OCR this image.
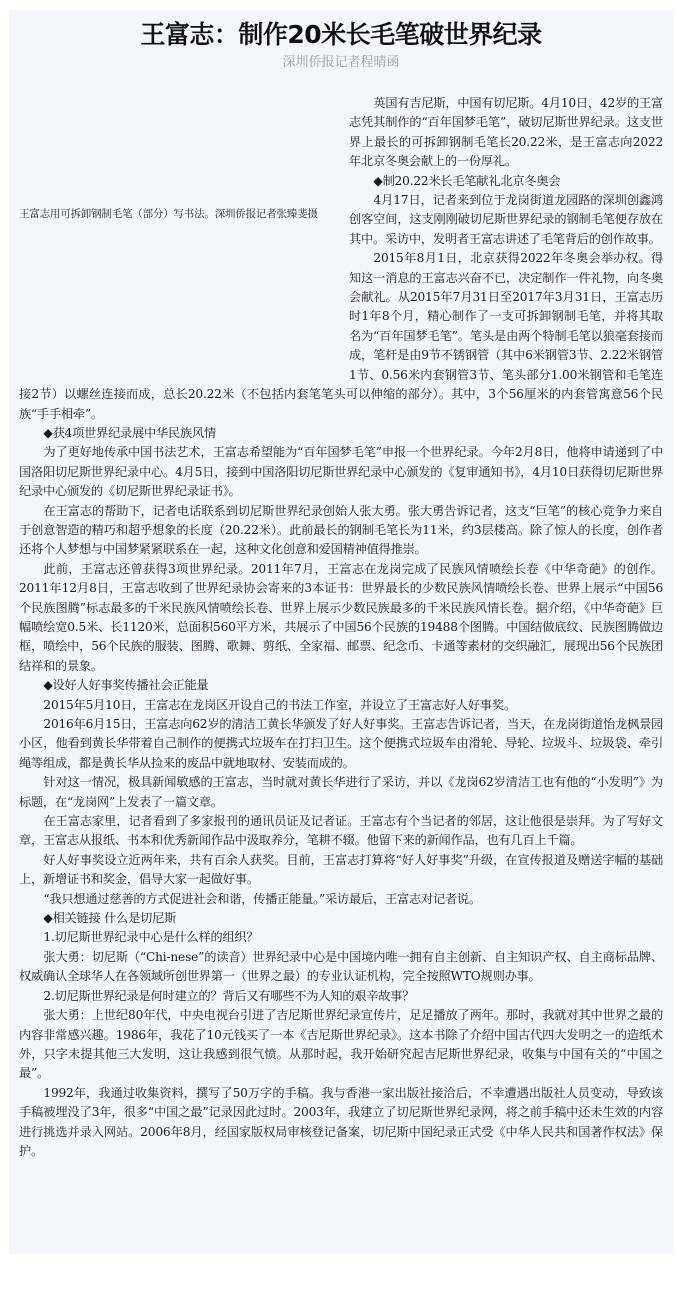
王富志：制作20米长毛笔破世界纪录
深圳侨报记者程晴函
王富志用可拆卸钢制毛笔（部分）写书法。深圳侨报记者张臻斐摄

英国有吉尼斯，中国有切尼斯。4月10日，42岁的王富志凭其制作的“百年国梦毛笔”，破切尼斯世界纪录。这支世界上最长的可拆卸钢制毛笔长20.22米，是王富志向2022年北京冬奥会献上的一份厚礼。

◆制20.22米长毛笔献礼北京冬奥会

4月17日，记者来到位于龙岗街道龙园路的深圳创鑫鸿创客空间，这支刚刚破切尼斯世界纪录的钢制毛笔便存放在其中。采访中，发明者王富志讲述了毛笔背后的创作故事。

2015年8月1日，北京获得2022年冬奥会举办权。得知这一消息的王富志兴奋不已，决定制作一件礼物，向冬奥会献礼。从2015年7月31日至2017年3月31日，王富志历时1年8个月，精心制作了一支可拆卸钢制毛笔，并将其取名为“百年国梦毛笔”。笔头是由两个特制毛笔以狼毫套接而成，笔杆是由9节不锈钢管（其中6米钢管3节、2.22米钢管1节、0.56米内套钢管3节、笔头部分1.00米钢管和毛笔连接2节）以螺丝连接而成，总长20.22米（不包括内套笔笔头可以伸缩的部分）。其中，3个56厘米的内套管寓意56个民族“手手相牵”。

◆获4项世界纪录展中华民族风情

为了更好地传承中国书法艺术，王富志希望能为“百年国梦毛笔”申报一个世界纪录。今年2月8日，他将申请递到了中国洛阳切尼斯世界纪录中心。4月5日，接到中国洛阳切尼斯世界纪录中心颁发的《复审通知书》，4月10日获得切尼斯世界纪录中心颁发的《切尼斯世界纪录证书》。

在王富志的帮助下，记者电话联系到切尼斯世界纪录创始人张大勇。张大勇告诉记者，这支“巨笔”的核心竞争力来自于创意智造的精巧和超乎想象的长度（20.22米）。此前最长的钢制毛笔长为11米，约3层楼高。除了惊人的长度，创作者还将个人梦想与中国梦紧紧联系在一起，这种文化创意和爱国精神值得推崇。

此前，王富志还曾获得3项世界纪录。2011年7月，王富志在龙岗完成了民族风情喷绘长卷《中华奇葩》的创作。2011年12月8日，王富志收到了世界纪录协会寄来的3本证书：世界最长的少数民族风情喷绘长卷、世界上展示“中国56个民族图腾”标志最多的千米民族风情喷绘长卷、世界上展示少数民族最多的千米民族风情长卷。据介绍，《中华奇葩》巨幅喷绘宽0.5米、长1120米，总面积560平方米，共展示了中国56个民族的19488个图腾。中国结做底纹、民族图腾做边框，喷绘中，56个民族的服装、图腾、歌舞、剪纸、全家福、邮票、纪念币、卡通等素材的交织融汇，展现出56个民族团结祥和的景象。

◆设好人好事奖传播社会正能量

2015年5月10日，王富志在龙岗区开设自己的书法工作室，并设立了王富志好人好事奖。

2016年6月15日，王富志向62岁的清洁工黄长华颁发了好人好事奖。王富志告诉记者，当天，在龙岗街道怡龙枫景园小区，他看到黄长华带着自己制作的便携式垃圾车在打扫卫生。这个便携式垃圾车由滑轮、导轮、垃圾斗、垃圾袋、牵引绳等组成，都是黄长华从捡来的废品中就地取材、安装而成的。

针对这一情况，极具新闻敏感的王富志，当时就对黄长华进行了采访，并以《龙岗62岁清洁工也有他的“小发明”》为标题，在“龙岗网”上发表了一篇文章。

在王富志家里，记者看到了多家报刊的通讯员证及记者证。王富志有个当记者的邻居，这让他很是崇拜。为了写好文章，王富志从报纸、书本和优秀新闻作品中汲取养分，笔耕不辍。他留下来的新闻作品，也有几百上千篇。

好人好事奖设立近两年来，共有百余人获奖。目前，王富志打算将“好人好事奖”升级，在宣传报道及赠送字幅的基础上，新增证书和奖金，倡导大家一起做好事。

“我只想通过慈善的方式促进社会和谐，传播正能量。”采访最后，王富志对记者说。

◆相关链接 什么是切尼斯

1.切尼斯世界纪录中心是什么样的组织？

张大勇：切尼斯（“Chi-nese”的读音）世界纪录中心是中国境内唯一拥有自主创新、自主知识产权、自主商标品牌、权威确认全球华人在各领域所创世界第一（世界之最）的专业认证机构，完全按照WTO规则办事。

2.切尼斯世界纪录是何时建立的？背后又有哪些不为人知的艰辛故事？

张大勇：上世纪80年代，中央电视台引进了吉尼斯世界纪录宣传片，足足播放了两年。那时，我就对其中世界之最的内容非常感兴趣。1986年，我花了10元钱买了一本《吉尼斯世界纪录》。这本书除了介绍中国古代四大发明之一的造纸术外，只字未提其他三大发明，这让我感到很气愤。从那时起，我开始研究起吉尼斯世界纪录，收集与中国有关的“中国之最”。

1992年，我通过收集资料，撰写了50万字的手稿。我与香港一家出版社接洽后，不幸遭遇出版社人员变动，导致该手稿被埋没了3年，很多“中国之最”记录因此过时。2003年，我建立了切尼斯世界纪录网，将之前手稿中还未生效的内容进行挑选并录入网站。2006年8月，经国家版权局审核登记备案，切尼斯中国纪录正式受《中华人民共和国著作权法》保护。
